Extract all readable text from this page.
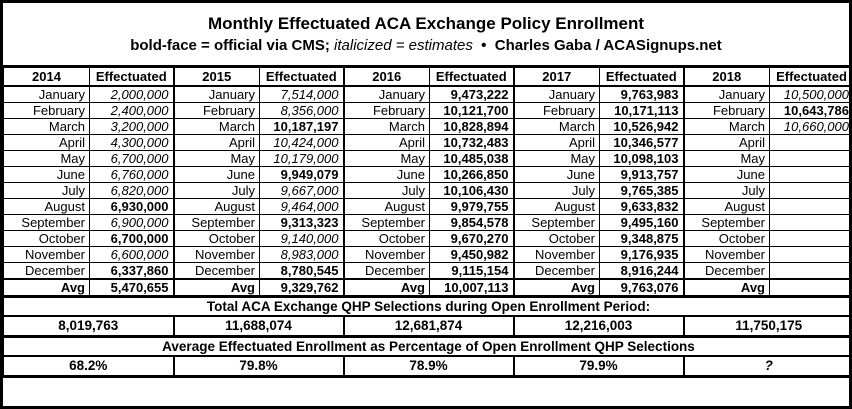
Monthly Effectuated ACA Exchange Policy Enrollment
bold-face = official via CMS; italicized = estimates • Charles Gaba / ACASignups.net
2014	Effectuated	2015	Effectuated	2016	Effectuated	2017	Effectuated	2018	Effectuated
January	2,000,000	January	7,514,000	January	9,473,222	January	9,763,983	January	10,500,000
February	2,400,000	February	8,356,000	February	10,121,700	February	10,171,113	February	10,643,786
March	3,200,000	March	10,187,197	March	10,828,894	March	10,526,942	March	10,660,000
April	4,300,000	April	10,424,000	April	10,732,483	April	10,346,577	April	
May	6,700,000	May	10,179,000	May	10,485,038	May	10,098,103	May	
June	6,760,000	June	9,949,079	June	10,266,850	June	9,913,757	June	
July	6,820,000	July	9,667,000	July	10,106,430	July	9,765,385	July	
August	6,930,000	August	9,464,000	August	9,979,755	August	9,633,832	August	
September	6,900,000	September	9,313,323	September	9,854,578	September	9,495,160	September	
October	6,700,000	October	9,140,000	October	9,670,270	October	9,348,875	October	
November	6,600,000	November	8,983,000	November	9,450,982	November	9,176,935	November	
December	6,337,860	December	8,780,545	December	9,115,154	December	8,916,244	December	
Avg	5,470,655	Avg	9,329,762	Avg	10,007,113	Avg	9,763,076	Avg	
Total ACA Exchange QHP Selections during Open Enrollment Period:									
8,019,763		11,688,074		12,681,874		12,216,003		11,750,175	
Average Effectuated Enrollment as Percentage of Open Enrollment QHP Selections									
68.2%		79.8%		78.9%		79.9%		?	
